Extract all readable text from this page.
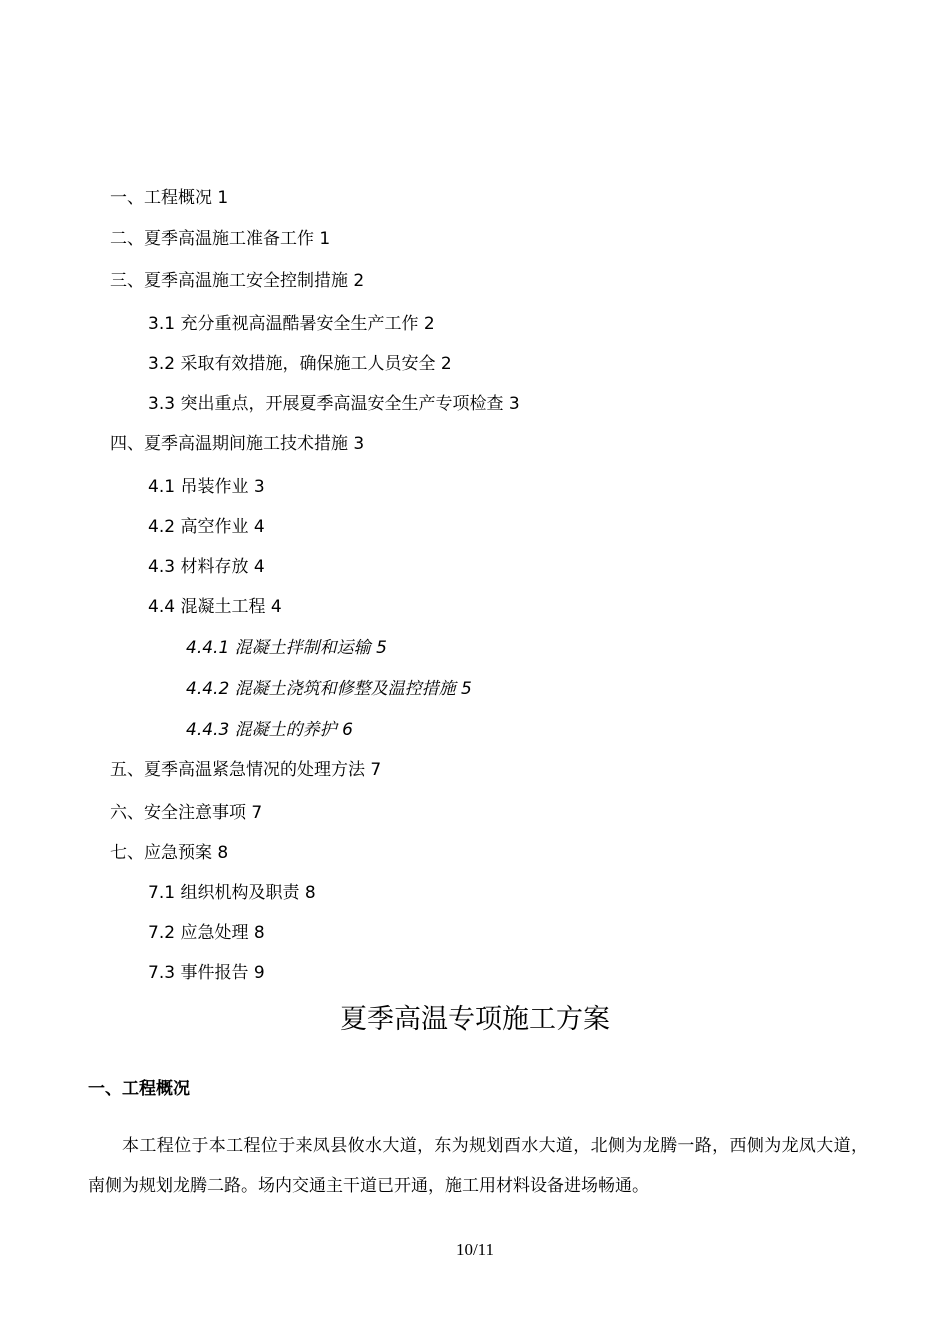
一、工程概况 1
二、夏季高温施工准备工作 1
三、夏季高温施工安全控制措施 2
3.1 充分重视高温酷暑安全生产工作 2
3.2 采取有效措施，确保施工人员安全 2
3.3 突出重点，开展夏季高温安全生产专项检查 3
四、夏季高温期间施工技术措施 3
4.1 吊装作业 3
4.2 高空作业 4
4.3 材料存放 4
4.4 混凝土工程 4
4.4.1 混凝土拌制和运输 5
4.4.2 混凝土浇筑和修整及温控措施 5
4.4.3 混凝土的养护 6
五、夏季高温紧急情况的处理方法 7
六、安全注意事项 7
七、应急预案 8
7.1 组织机构及职责 8
7.2 应急处理 8
7.3 事件报告 9
夏季高温专项施工方案
一、工程概况
本工程位于本工程位于来凤县攸水大道，东为规划酉水大道，北侧为龙腾一路，西侧为龙凤大道，南侧为规划龙腾二路。场内交通主干道已开通，施工用材料设备进场畅通。
10/11
